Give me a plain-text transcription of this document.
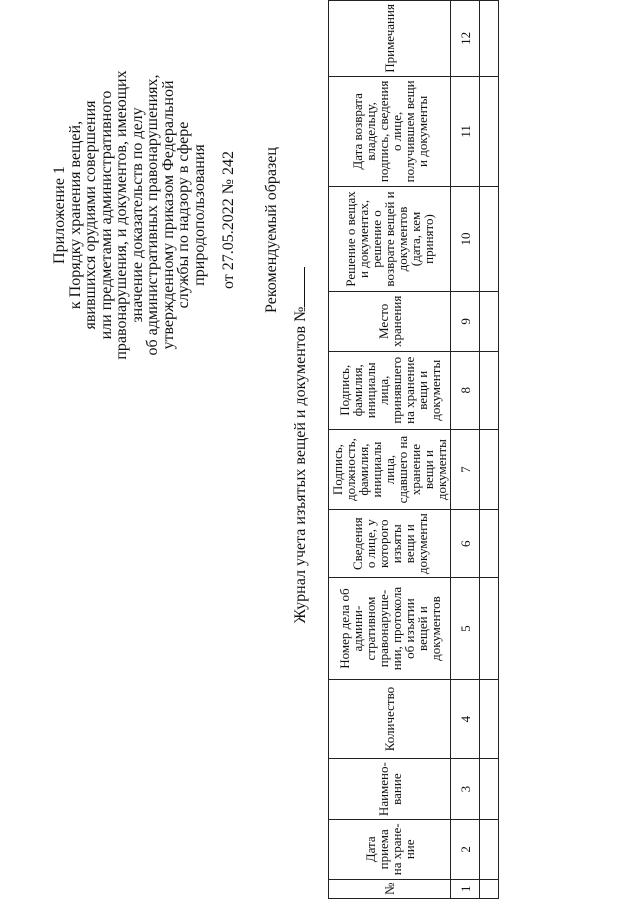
Приложение 1
к Порядку хранения вещей,
явившихся орудиями совершения
или предметами административного
правонарушения, и документов, имеющих
значение доказательств по делу
об административных правонарушениях,
утвержденному приказом Федеральной
службы по надзору в сфере
природопользования от 27.05.2022 № 242 Рекомендуемый образец
Журнал учета изъятых вещей и документов №
№	Дата приема на хране-ние	Наимено-вание	Количество	Номер дела об админи-стративном правонаруше-нии, протокола об изъятии вещей и документов	Сведения о лице, у которого изъяты вещи и документы	Подпись, должность, фамилия, инициалы лица, сдавшего на хранение вещи и документы	Подпись, фамилия, инициалы лица, принявшего на хранение вещи и документы	Место хранения	Решение о вещах и документах, решение о возврате вещей и документов (дата, кем принято)	Дата возврата владельцу, подпись, сведения о лице, получившем вещи и документы	Примечания
1	2	3	4	5	6	7	8	9	10	11	12
